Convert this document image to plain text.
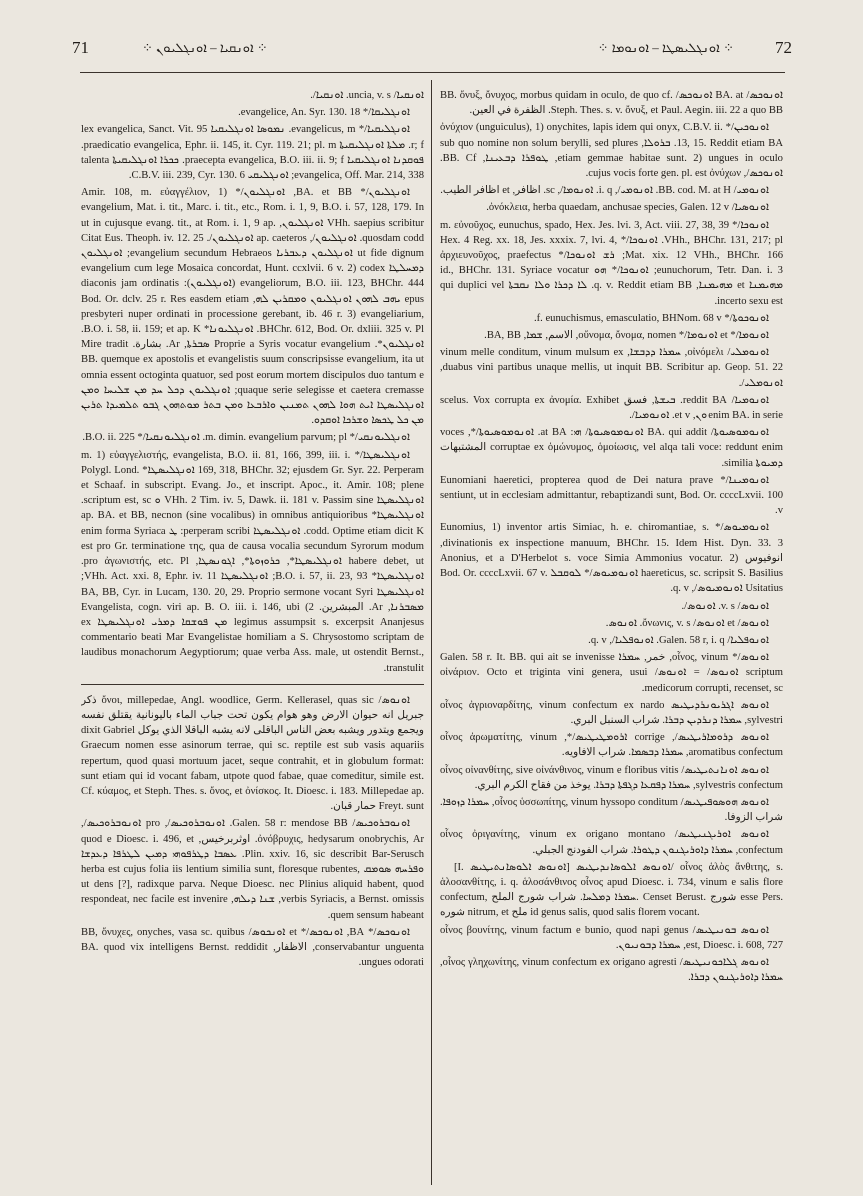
71	⁘ ܐܘܢܩܝܐ – ܐܘܢܓܠܝܘܢ ⁘	⁘ ܐܘܢܓܠܝܣܛܐ – ܐܘܢܘܡܐ ⁘ 72

ܐܘܢܩܝܐ/ uncia, v. s. ܐܘܢܩܝܐ/.

ܐܘܢܓܠܝܩܐ/* evangelice, An. Syr. 130. 18.

ܐܘܢܓܠܝܩܝܐ/* evangelicus, m. ܢܡܘܣܐ ܐܘܢܓܠܝܩܝܐ lex evangelica, Sanct. Vit. 95 r; f. ܡܠܬܐ ܐܘܢܓܠܝܩܝܬܐ praedicatio evangelica, Ephr. ii. 145, it. Cyr. 119. 21; pl. m. ܦܘܩܕܢܐ ܐܘܢܓܠܝܩܝܐ praecepta evangelica, B.O. iii. ii. 9; f. ܟܟܪܐ ܐܘܢܓܠܝܩܝܬܐ talenta evangelica, Off. Mar. 214, 338; ܐܘܢܓܠܝܩܝ C.B.V. iii. 239, Cyr. 130. 6.

ܐܘܢܓܠܝܘܢ/* BA. et BB, ܐܘܢܓܠܝܘܢ/* Amir. 108, m. εὐαγγέλιον, 1) evangelium, Mat. i. tit., Marc. i. tit., etc., Rom. i. 1, 9, B.O. i. 57, 128, 179. In VHh. saepius scribitur ܐܘܢܓܠܝܘܢ, ut in cujusque evang. tit., at Rom. i. 1, 9 ap. quosdam codd. ܐܘܢܓܠܝܘܢ/, ap. caeteros ܐܘܢܓܠܝܘܢ/. Citat Eus. Theoph. iv. 12. 25 ut fide dignum ܐܘܢܓܠܝܘܢ ܕܥܒܪܝܐ evangelium secundum Hebraeos; ܐܘܢܓܠܝܘܢ ܕܡܚܠܛܐ evangelium cum lege Mosaica concordat, Hunt. ccxlvii. 6 v. 2) codex evangeliorum, B.O. iii. 123, BHChr. 444 (ܐܘܢܓܠܝܘܢ): diaconis jam ordinatis epus ܝܗܒ ܠܗܘܢ ܐܘܢܓܠܝܘܢ ܘܡܩܪܝܢ ܠܗ, Bod. Or. dclv. 25 r. Res easdem etiam presbyteri nuper ordinati in processione gerebant, ib. 46 r. 3) evangeliarium, BHChr. 612, Bod. Or. dxliii. 325 v. Pl. ܐܘܢܓܠܝܘܢܐ* B.O. i. 58, ii. 159; et ap. K. ܐܘܢܓܠܝܘܢ*. Proprie a Syris vocatur evangelium ܣܒܪܬܐ, Ar. بشارة. Mire tradit BB. quemque ex apostolis et evangelistis suum conscripsisse evangelium, ita ut omnia essent octoginta quatuor, sed post eorum mortem discipulos duo tantum e quaque serie selegisse et caetera cremasse; ܐܘܢܓܠܝܘܢ ܕܟܠ ܚܕ ܡܢ ܫܠܝܚܐ ܘܡܢ ܐܘܢܓܠܝܣܛܐ ܐܝܬ ܗܘܐ ܠܗܘܢ ܬܡܢܝܢ ܘܐܪܒܥܐ ܘܡܢ ܒܬܪ ܡܘܬܗܘܢ ܓܒܘ ܬܠܡܝܕܐ ܬܪܝܢ ܡܢ ܟܠ ܛܟܣܐ ܘܫܪܟܐ ܐܘܩܕܘ.

ܐܘܢܓܠܝܘܢܩܝ/* m. dimin. evangelium parvum; pl. ܐܘܢܓܠܝܘܢܩܝܐ/* B.O. ii. 225.

ܐܘܢܓܠܝܣܛܐ/* m. 1) εὐαγγελιστής, evangelista, B.O. ii. 81, 166, 399, iii. i. 169, 318, BHChr. 32; ejusdem Gr. Syr. 22. Perperam ܐܘܢܓܠܝܣܛܐ* Polygl. Lond. et Schaaf. in subscript. Evang. Jo., et inscript. Apoc., it. Amir. 108; plene ܐܘܢܓܠܝܣܛܐ VHh. 2 Tim. iv. 5, Dawk. ii. 181 v. Passim sine ܘ scriptum est, sc. ܐܘܢܓܠܝܣܛܐ* ap. BA. et BB, necnon (sine vocalibus) in omnibus antiquioribus codd. Optime etiam dicit K. ܐܘܢܓܠܝܣܛܐ perperam scribi: ܛ enim forma Syriaca est pro Gr. terminatione της, qua de causa vocalia secundum Syrorum modum habere debet, ut ܐܘܢܓܠܝܣܛܐ*, ܟܪܘܙܘܬܐ*, ܐܓܘܢܣܛܐ, pro ἀγωνιστής, etc. Pl. ܐܘܢܓܠܝܣܛܐ* B.O. i. 57, ii. 23, 93; ܐܘܢܓܠܝܣܛܐ VHh. Act. xxi. 8, Ephr. iv. 11; ܐܘܢܓܠܝܣܛܐ BA, BB, Cyr. in Lucam, 130. 20, 29. Proprio sermone vocant Syri ܡܣܒܪܢܐ, Ar. المبشرين. 2) Evangelista, cogn. viri ap. B. O. iii. i. 146, ubi legimus assumpsit s. excerpsit Ananjesus ܡܢ ܦܘܫܩܐ ܕܡܪܝ ܐܘܢܓܠܝܣܛܐ ex commentario beati Mar Evangelistae homiliam a S. Chrysostomo scriptam de laudibus monachorum Aegyptiorum; quae verba Ass. male, ut ostendit Bernst., transtulit.

ܐܘܢܘܣ/ ὄνοι, millepedae, Angl. woodlice, Germ. Kellerasel, quas sic ذكر جبريل انه حيوان الارض وهو هوام يكون تحت جباب الماء باليونانية يقتلق نفسه ويجمع ويتدور ويشبه بعض الناس الباقلى لانه يشبه الباقلا الذي يوكل dixit Gabriel Graecum nomen esse asinorum terrae, qui sc. reptile est sub vasis aquariis repertum, quod quasi mortuum jacet, seque contrahit, et in globulum format: sunt etiam qui id vocant fabam, utpote quod fabae, quae comeditur, simile est. Cf. κύαμος, et Steph. Thes. s. ὄνος, et ὀνίσκος. It. Dioesc. i. 183. Millepedae ap. Freyt. sunt حمار قبان.

ܐܘܢܘܒܪܘܟܝܣ/ Galen. 58 r: mendose BB. ܐܘܢܘܒܪܘܟܝܣ/, pro ܐܘܢܘܒܪܘܟܝܣ/, ὀνόβρυχις, hedysarum onobrychis, Ar. اوثربرخيس, quod e Dioesc. i. 496, et Plin. xxiv. 16, sic describit Bar-Serusch. ܥܣܒܐ ܕܛܪܦܘܗܝ ܕܡܝܢ ܠܛܪܦܐ ܕܥܕܫܐ ܘܦܪܚܗ ܣܘܡܩ herba est cujus folia iis lentium similia sunt, floresque rubentes, ut dens [?], radixque parva. Neque Dioesc. nec Plinius aliquid habent, quod verbis Syriacis, a Bernst. omissis, ܫܢܐ ܕܝܠܗ, respondeat, nec facile est invenire quem sensum habeant.

ܐܘܢܘܟܣ/* BA, ܐܘܢܘܟܣ/* et ܐܘܢܟܘܣ/ BB, ὄνυχες, onyches, vasa sc. quibus conservabantur unguenta, الاظفار, BA. quod vix intelligens Bernst. reddidit ungues odorati.

ܐܘܢܘܟܣ/ BA. at ܐܘܢܘܟܣ/ BB. ὄνυξ, ὄνυχος, morbus quidam in oculo, de quo cf. Steph. Thes. s. v. ὄνυξ, et Paul. Aegin. iii. 22 a quo BB. الظفرة في العين.

ܐܘܢܘܟܝܢ/* ὀνύχιον (unguiculus), 1) onychites, lapis idem qui onyx, C.B.V. ii. 13, 15. Reddit etiam BA. ܒܪܘܠܐ, sub quo nomine non solum berylli, sed plures etiam gemmae habitae sunt. 2) ungues in oculo, ܛܘܦܪܐ ܕܒܥܝܢܐ, BB. Cf. ܐܘܢܘܟܣ/, cujus vocis forte gen. pl. est ὀνύχων.

ܐܘܢܘܡܝ/ BB. cod. M. at H. ܐܘܢܘܡܝ/, i. q. ܐܘܢܘܡܐ/, sc. اظافر, et اظافر الطيب.

ܐܘܢܘܣܝܐ/ ὀνόκλεια, herba quaedam, anchusae species, Galen. 12 v.

ܐܘܢܘܟܐ/* m. εὐνοῦχος, eunuchus, spado, Hex. Jes. lvi. 3, Act. viii. 27, 38, 39 VHh., BHChr. 131, 217; pl. ܐܘܢܘܟܐ/* Hex. 4 Reg. xx. 18, Jes. xxxix. 7, lvi. 4, Mat. xix. 12 VHh., BHChr. 166; ܪܫ ܐܘܢܘܟܐ/* ἀρχιευνοῦχος, praefectus eunuchorum, Tetr. Dan. i. 3; ܐܘܢܘܟܐ/* ܗܘ id., BHChr. 131. Syriace vocatur ܡܗܝܡܢܐ et ܡܗܝܡܢܐ, q. v. Reddit etiam BB. ܠܐ ܕܟܪܐ ܘܠܐ ܢܩܒܬܐ qui duplici vel incerto sexu est.

ܐܘܢܘܟܘܬܐ/* f. eunuchismus, emasculatio, BHNom. 68 v.

ܐܘܢܘܡܐ/* et ܐܘܢܘܡܐ/* οὔνομα, ὄνομα, nomen, الاسم, ܫܡܐ, BA, BB.

ܐܘܢܘܡܠܝ/ οἰνόμελι, ܚܡܪܐ ܕܕܒܫܐ, vinum melle conditum, vinum mulsum ex duabus vini partibus unaque mellis, ut inquit BB. Scribitur ap. Geop. 51. 22, ܐܘܢܘܡܠܝ/.

ܐܘܢܘܡܝܐ/ reddit BA. ܒܝܫܬܐ, فسق scelus. Vox corrupta ex ἀνομία. Exhibet enim BA. in serie ܘܢ, et v. ܐܘܢܘܡܝܐ/.

ܐܘܢܘܡܘܣܝܘܬܐ/ BA. qui addit ܐܘܢܘܡܘܣܝܘܬܐ/ ܗܝ: at BA. ܐܘܢܘܡܘܣܝܘܬܐ/*, voces corruptae ex ὁμώνυμος, ὁμοίωσις, vel alqa tali voce: reddunt enim المشتبهات ܕܡܝܘܬܐ similia.

ܐܘܢܘܡܝܢܐ/* Eunomiani haeretici, propterea quod de Dei natura prave sentiunt, ut in ecclesiam admittantur, rebaptizandi sunt, Bod. Or. ccccLxvii. 100 v.

ܐܘܢܘܡܝܘܣ/* Eunomius, 1) inventor artis Simiac, h. e. chiromantiae, s. divinationis ex inspectione manuum, BHChr. 15. Idem Hist. Dyn. 33. 3, انوفيوس Anonius, et a D'Herbelot s. voce Simia Ammonius vocatur. 2) haereticus, sc. scripsit S. Basilius ܐܘܢܘܡܝܘܣ/* ܠܘܩܒܠ Bod. Or. ccccLxvii. 67 v. Usitatius ܐܘܢܘܡܝܘܣ/, q. v.

ܐܘܢܘܣ/ v. s. ܐܘܢܘܣ/.

ܐܘܢܘܣ/ et ܐܘܢܘܣ/ ὄνωνις, v. s. ܐܘܢܘܣ.

ܐܘܢܘܦܠܝܐ/ Galen. 58 r, i. q. ܐܘܢܘܦܠܝܐ/, q. v.

ܐܘܢܘܣ/* οἶνος, vinum, خمر, ܚܡܪܐ Galen. 58 r. It. BB. qui ait se invenisse scriptum ܐܘܢܘܣ/ = ܐܘܢܘܣ/ οἰνάριον. Octo et triginta vini genera, usui medicorum corrupti, recenset, sc.

ܐܘܢܘܣ ܐܓܪܝܘܢܪܕܝܛܝܣ οἶνος ἀγριοναρδίτης, vinum confectum ex nardo sylvestri, ܚܡܪܐ ܕܢܪܕܝܢ ܕܒܪܐ. شراب السنبل البري.

ܐܘܢܘܣ ܕܪܘܡܐܪܝܛܝܣ/, corrige ܐܪܘܡܛܝܛܝܣ/*, οἶνος ἀρωματίτης, vinum aromatibus confectum, ܚܡܪܐ ܕܒܣܡܐ. شراب الافاويه.

ܐܘܢܘܣ ܐܘܢܐܢܬܝܛܝܣ/ οἶνος οἰνανθίτης, sive οἰνάνθινος, vinum e floribus vitis sylvestris confectum, ܚܡܪܐ ܕܦܩܥܐ ܕܓܦܬܐ ܕܒܪܐ. يوخذ من فقاح الكرم البري.

ܐܘܢܘܣ ܗܘܣܘܦܝܛܝܣ/ οἶνος ὑσσωπίτης, vinum hyssopo conditum, ܚܡܪܐ ܕܙܘܦܐ. شراب الزوفا.

ܐܘܢܘܣ ܐܘܪܝܓܢܝܛܝܣ/ οἶνος ὀριγανίτης, vinum ex origano montano confectum, ܚܡܪܐ ܕܐܘܪܝܓܢܘܢ ܕܛܘܪܐ. شراب الفودنج الجبلي.

[I. ܐܘܢܘܣ ܐܠܘܣܐܢܬܝܛܝܣ] ܐܘܢܘܣ ܐܠܘܣܐܢܕܝܛܝܣ/ οἶνος ἁλὸς ἄνθιτης, s. ἁλοσανθίτης, i. q. ἁλοσάνθινος οἶνος apud Dioesc. i. 734, vinum e salis flore confectum, ܚܡܪܐ ܕܡܠܚܐ. شراب شورج الملح. Censet Berust. شورج esse Pers. شوره nitrum, et ملح id genus salis, quod salis florem vocant.

ܐܘܢܘܣ ܒܘܢܝܛܝܣ/ οἶνος βουνίτης, vinum factum e bunio, quod napi genus est, Dioesc. i. 608, 727, ܚܡܪܐ ܕܒܘܢܝܘܢ.

ܐܘܢܘܣ ܓܠܐܟܘܢܝܛܝܣ/ οἶνος γληχωνίτης, vinum confectum ex origano agresti, ܚܡܪܐ ܕܐܘܪܝܓܢܘܢ ܕܒܪܐ.
